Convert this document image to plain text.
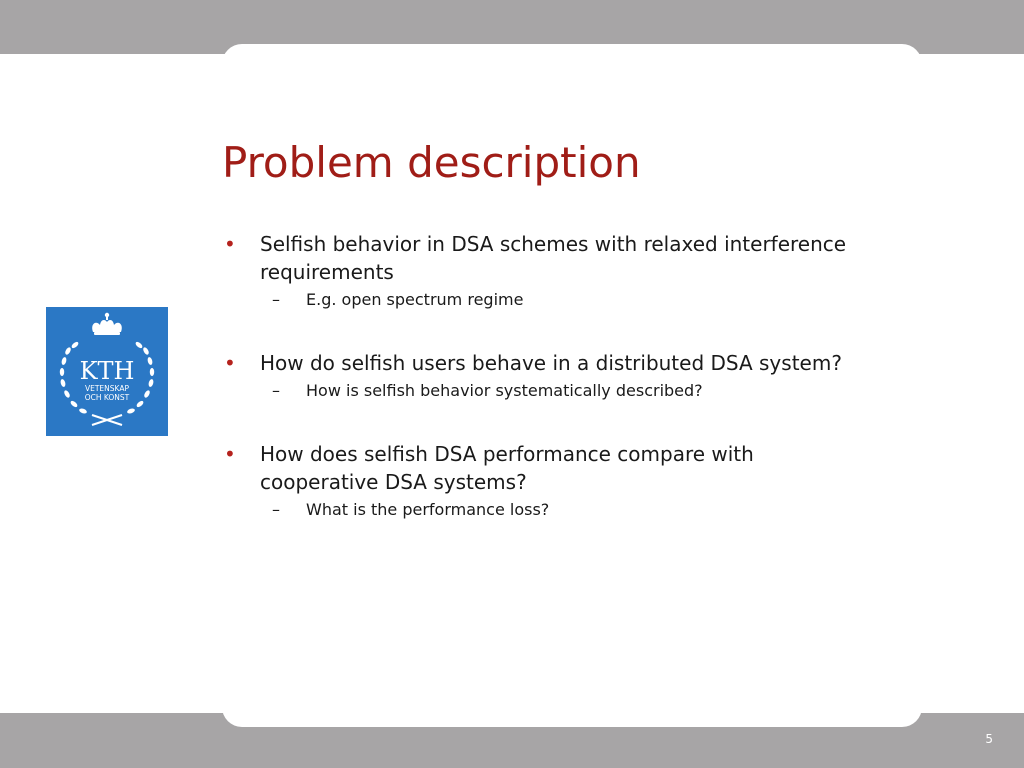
KTH
VETENSKAP
OCH KONST
Problem description
• Selfish behavior in DSA schemes with relaxed interference requirements
– E.g. open spectrum regime
• How do selfish users behave in a distributed DSA system?
– How is selfish behavior systematically described?
• How does selfish DSA performance compare with cooperative DSA systems?
– What is the performance loss?
5
